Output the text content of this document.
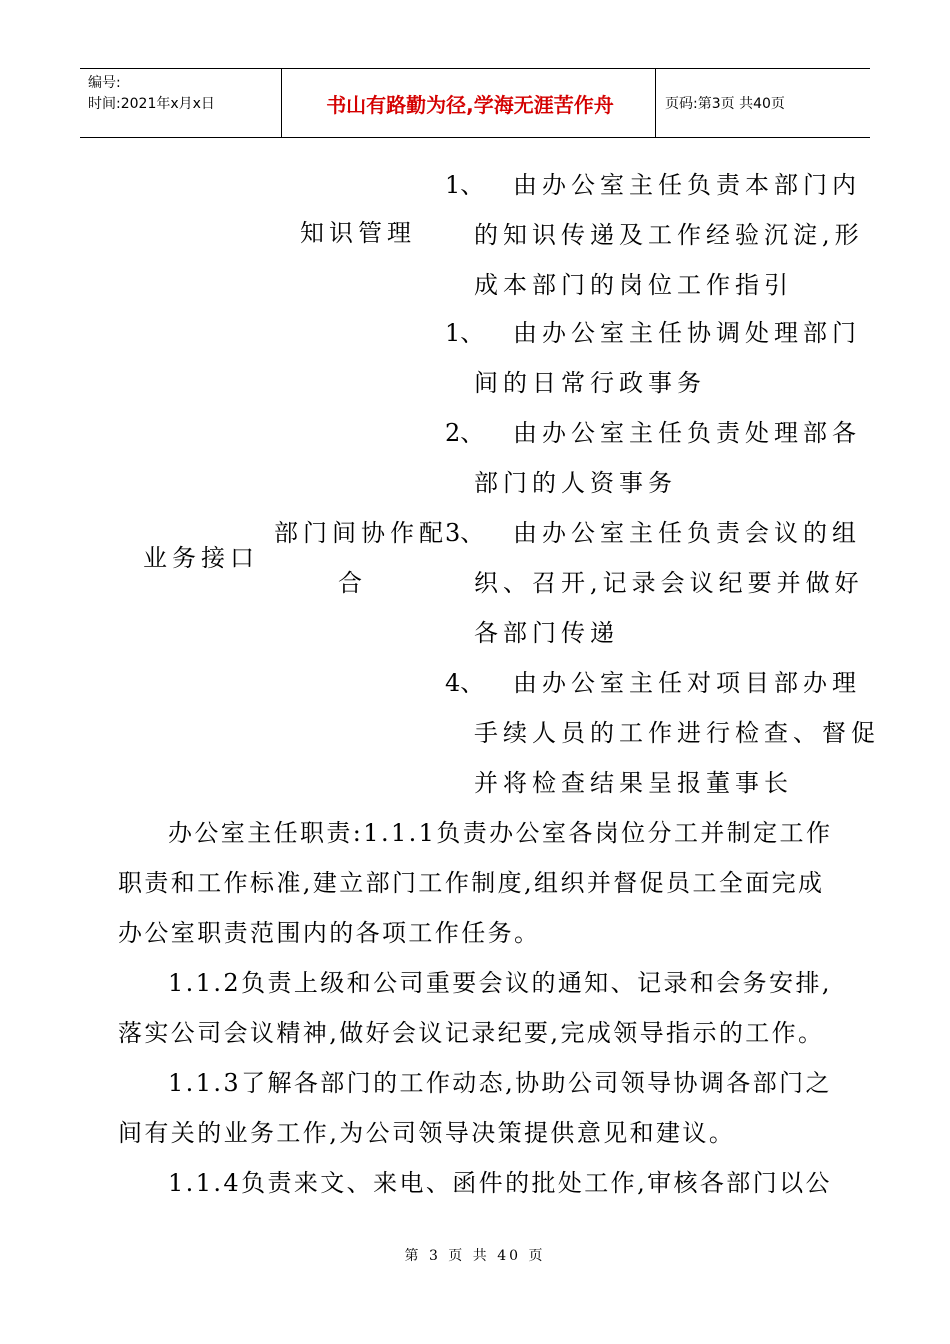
编号:
时间:2021年x月x日	书山有路勤为径,学海无涯苦作舟	页码:第3页 共40页
业务接口
知识管理
1、 由办公室主任负责本部门内
的知识传递及工作经验沉淀,形
成本部门的岗位工作指引
部门间协作配
合
1、 由办公室主任协调处理部门
间的日常行政事务
2、 由办公室主任负责处理部各
部门的人资事务
3、 由办公室主任负责会议的组
织、召开,记录会议纪要并做好
各部门传递
4、 由办公室主任对项目部办理
手续人员的工作进行检查、督促
并将检查结果呈报董事长
办公室主任职责:1.1.1负责办公室各岗位分工并制定工作职责和工作标准,建立部门工作制度,组织并督促员工全面完成办公室职责范围内的各项工作任务。
1.1.2负责上级和公司重要会议的通知、记录和会务安排,落实公司会议精神,做好会议记录纪要,完成领导指示的工作。
1.1.3了解各部门的工作动态,协助公司领导协调各部门之间有关的业务工作,为公司领导决策提供意见和建议。
1.1.4负责来文、来电、函件的批处工作,审核各部门以公
第 3 页 共 40 页
